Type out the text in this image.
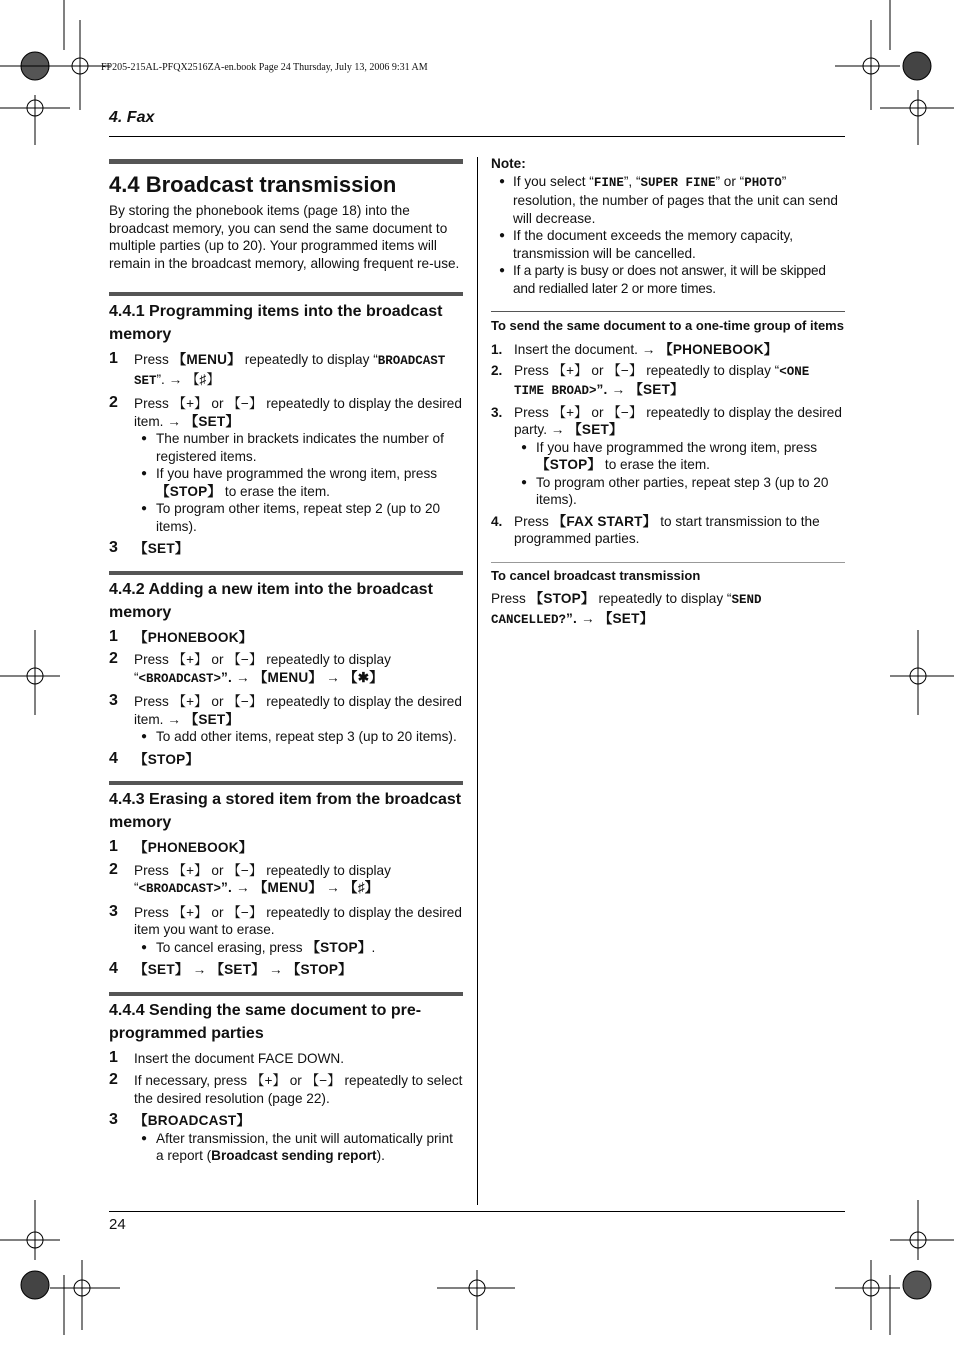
FP205-215AL-PFQX2516ZA-en.book Page 24 Thursday, July 13, 2006 9:31 AM
4. Fax
24
4.4 Broadcast transmission

By storing the phonebook items (page 18) into the broadcast memory, you can send the same document to multiple parties (up to 20). Your programmed items will remain in the broadcast memory, allowing frequent re-use.

4.4.1 Programming items into the broadcast memory
1 Press 【MENU】 repeatedly to display “BROADCAST SET”. → 【♯】
2 Press 【+】 or 【−】 repeatedly to display the desired item. → 【SET】
● The number in brackets indicates the number of registered items.
● If you have programmed the wrong item, press 【STOP】 to erase the item.
● To program other items, repeat step 2 (up to 20 items).
3 【SET】
4.4.2 Adding a new item into the broadcast memory
1 【PHONEBOOK】
2 Press 【+】 or 【−】 repeatedly to display “<BROADCAST>”. → 【MENU】 → 【✱】
3 Press 【+】 or 【−】 repeatedly to display the desired item. → 【SET】
● To add other items, repeat step 3 (up to 20 items).
4 【STOP】
4.4.3 Erasing a stored item from the broadcast memory
1 【PHONEBOOK】
2 Press 【+】 or 【−】 repeatedly to display “<BROADCAST>”. → 【MENU】 → 【♯】
3 Press 【+】 or 【−】 repeatedly to display the desired item you want to erase.
● To cancel erasing, press 【STOP】.
4 【SET】 → 【SET】 → 【STOP】
4.4.4 Sending the same document to pre-programmed parties
1 Insert the document FACE DOWN.
2 If necessary, press 【+】 or 【−】 repeatedly to select the desired resolution (page 22).
3 【BROADCAST】
● After transmission, the unit will automatically print a report (Broadcast sending report).
Note:
● If you select “FINE”, “SUPER FINE” or “PHOTO” resolution, the number of pages that the unit can send will decrease.
● If the document exceeds the memory capacity, transmission will be cancelled.
● If a party is busy or does not answer, it will be skipped and redialled later 2 or more times.
To send the same document to a one-time group of items
1. Insert the document. → 【PHONEBOOK】
2. Press 【+】 or 【−】 repeatedly to display “<ONE TIME BROAD>”. → 【SET】
3. Press 【+】 or 【−】 repeatedly to display the desired party. → 【SET】
● If you have programmed the wrong item, press 【STOP】 to erase the item.
● To program other parties, repeat step 3 (up to 20 items).
4. Press 【FAX START】 to start transmission to the programmed parties.
To cancel broadcast transmission
Press 【STOP】 repeatedly to display “SEND CANCELLED?”. → 【SET】
